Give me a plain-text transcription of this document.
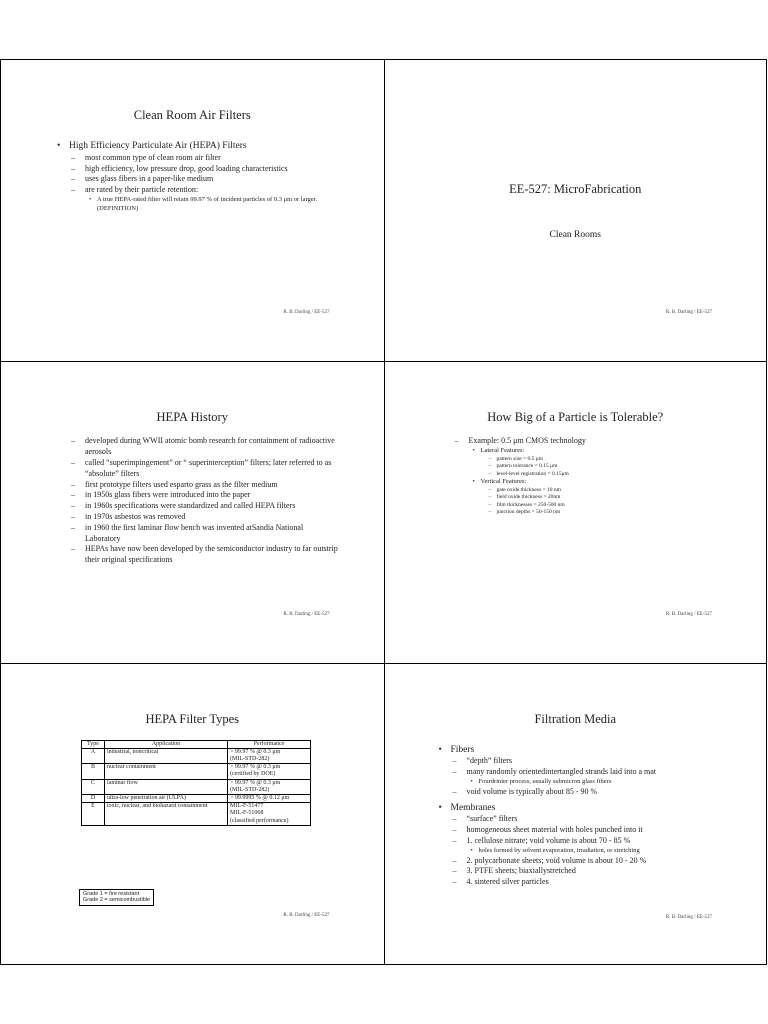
Clean Room Air Filters
• High Efficiency Particulate Air (HEPA) Filters
– most common type of clean room air filter
– high efficiency, low pressure drop, good loading characteristics
– uses glass fibers in a paper-like medium
– are rated by their particle retention:
• A true HEPA-rated filter will retain 99.97 % of incident particles of 0.3 μm or larger. (DEFINITION)
R. B. Darling / EE-527
EE-527: MicroFabrication
Clean Rooms
R. B. Darling / EE-527
HEPA History
– developed during WWII atomic bomb research for containment of radioactive aerosols
– called “superimpingement” or “ superinterception” filters; later referred to as “absolute” filters
– first prototype filters used esparto grass as the filter medium
– in 1950s glass fibers were introduced into the paper
– in 1960s specifications were standardized and called HEPA filters
– in 1970s asbestos was removed
– in 1960 the first laminar flow bench was invented atSandia National Laboratory
– HEPAs have now been developed by the semiconductor industry to far outstrip their original specifications
R. B. Darling / EE-527
How Big of a Particle is Tolerable?
– Example: 0.5 μm CMOS technology
• Lateral Features:
– pattern size = 0.5 μm
– pattern tolerance = 0.15 μm
– level-level registration = 0.15μm
• Vertical Features:
– gate oxide thickness = 10 nm
– field oxide thickness = 20nm
– film thicknesses = 250-500 nm
– junction depths = 50-150 nm
R. B. Darling / EE-527
HEPA Filter Types
Type	Application	Performance
A	industrial, noncritical	> 99.97 % @ 0.3 μm
(MIL-STD-282)
B	nuclear containment	> 99.97 % @ 0.3 μm
(certified by DOE)
C	laminar flow	> 99.97 % @ 0.3 μm
(MIL-STD-282)
D	ultra-low penetration air (ULPA)	> 99.9995 % @ 0.12 μm
E	toxic, nuclear, and biohazard containment	MIL-F-51477
MIL-F-51068
(classified performance)
Grade 1 = fire resistant
Grade 2 = semicombustible
R. B. Darling / EE-527
Filtration Media
• Fibers
– “depth” filters
– many randomly orientedintertangled strands laid into a mat
• Fourdrinier process, usually submicron glass fibers
– void volume is typically about 85 - 90 %
• Membranes
– “surface” filters
– homogeneous sheet material with holes punched into it
– 1. cellulose nitrate; void volume is about 70 - 85 %
• holes formed by solvent evaporation, irradiation, or stretching
– 2. polycarbonate sheets; void volume is about 10 - 20 %
– 3. PTFE sheets; biaxiallystretched
– 4. sintered silver particles
R. B. Darling / EE-527
